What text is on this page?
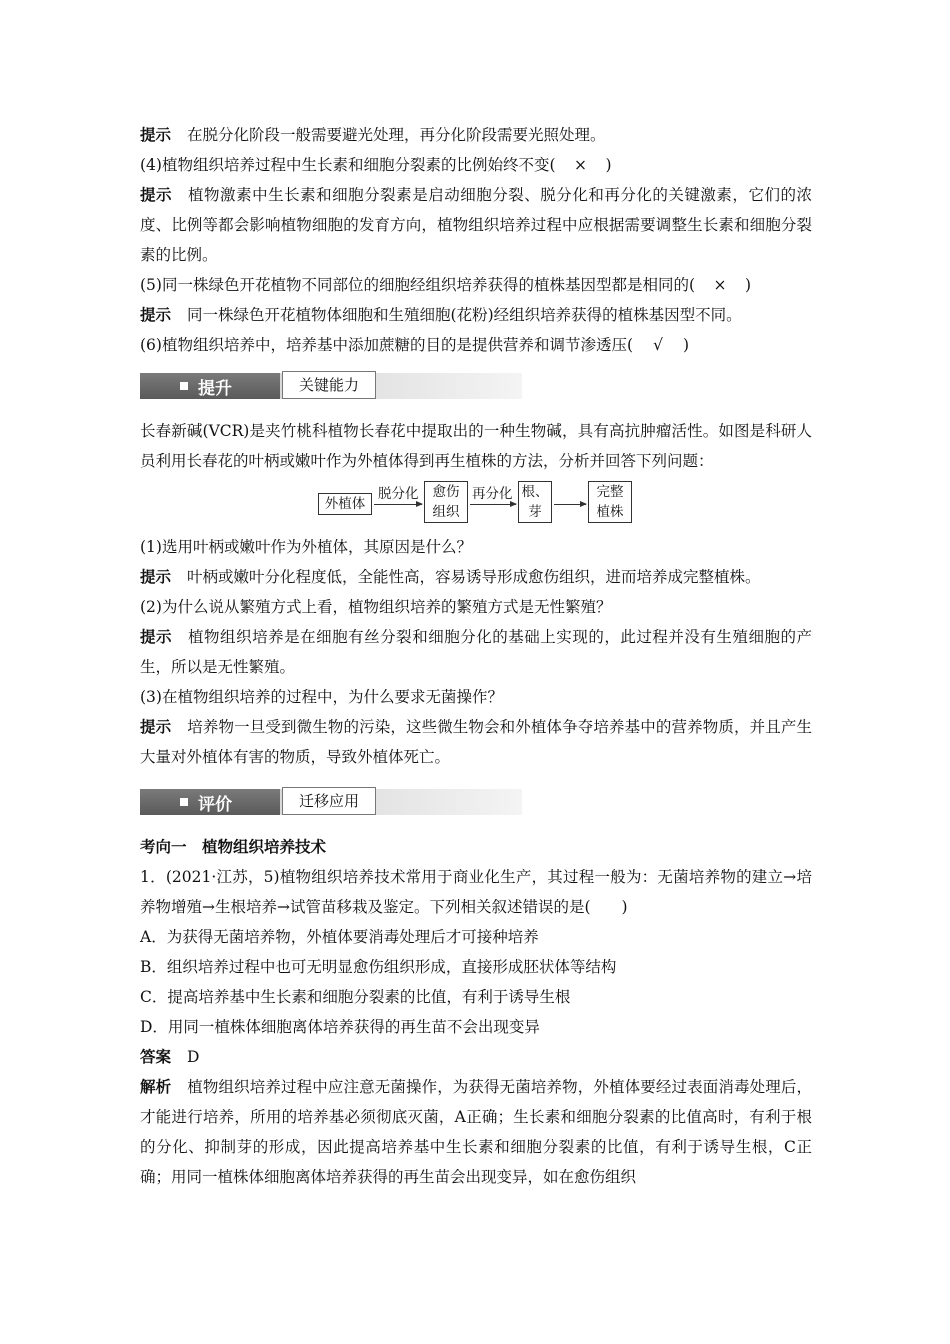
提示 在脱分化阶段一般需要避光处理，再分化阶段需要光照处理。
(4)植物组织培养过程中生长素和细胞分裂素的比例始终不变( × )
提示 植物激素中生长素和细胞分裂素是启动细胞分裂、脱分化和再分化的关键激素，它们的浓度、比例等都会影响植物细胞的发育方向，植物组织培养过程中应根据需要调整生长素和细胞分裂素的比例。
(5)同一株绿色开花植物不同部位的细胞经组织培养获得的植株基因型都是相同的( × )
提示 同一株绿色开花植物体细胞和生殖细胞(花粉)经组织培养获得的植株基因型不同。
(6)植物组织培养中，培养基中添加蔗糖的目的是提供营养和调节渗透压( √ )
提升	关键能力
长春新碱(VCR)是夹竹桃科植物长春花中提取出的一种生物碱，具有高抗肿瘤活性。如图是科研人员利用长春花的叶柄或嫩叶作为外植体得到再生植株的方法，分析并回答下列问题：
外植体
脱分化	愈伤
组织
再分化 根、
芽
完整
植株
(1)选用叶柄或嫩叶作为外植体，其原因是什么？
提示 叶柄或嫩叶分化程度低，全能性高，容易诱导形成愈伤组织，进而培养成完整植株。
(2)为什么说从繁殖方式上看，植物组织培养的繁殖方式是无性繁殖？
提示 植物组织培养是在细胞有丝分裂和细胞分化的基础上实现的，此过程并没有生殖细胞的产生，所以是无性繁殖。
(3)在植物组织培养的过程中，为什么要求无菌操作？
提示 培养物一旦受到微生物的污染，这些微生物会和外植体争夺培养基中的营养物质，并且产生大量对外植体有害的物质，导致外植体死亡。
评价	迁移应用
考向一　植物组织培养技术
1．(2021·江苏，5)植物组织培养技术常用于商业化生产，其过程一般为：无菌培养物的建立→培养物增殖→生根培养→试管苗移栽及鉴定。下列相关叙述错误的是(　　)
A．为获得无菌培养物，外植体要消毒处理后才可接种培养
B．组织培养过程中也可无明显愈伤组织形成，直接形成胚状体等结构
C．提高培养基中生长素和细胞分裂素的比值，有利于诱导生根
D．用同一植株体细胞离体培养获得的再生苗不会出现变异
答案 D
解析 植物组织培养过程中应注意无菌操作，为获得无菌培养物，外植体要经过表面消毒处理后，才能进行培养，所用的培养基必须彻底灭菌，A正确；生长素和细胞分裂素的比值高时，有利于根的分化、抑制芽的形成，因此提高培养基中生长素和细胞分裂素的比值，有利于诱导生根，C正确；用同一植株体细胞离体培养获得的再生苗会出现变异，如在愈伤组织
